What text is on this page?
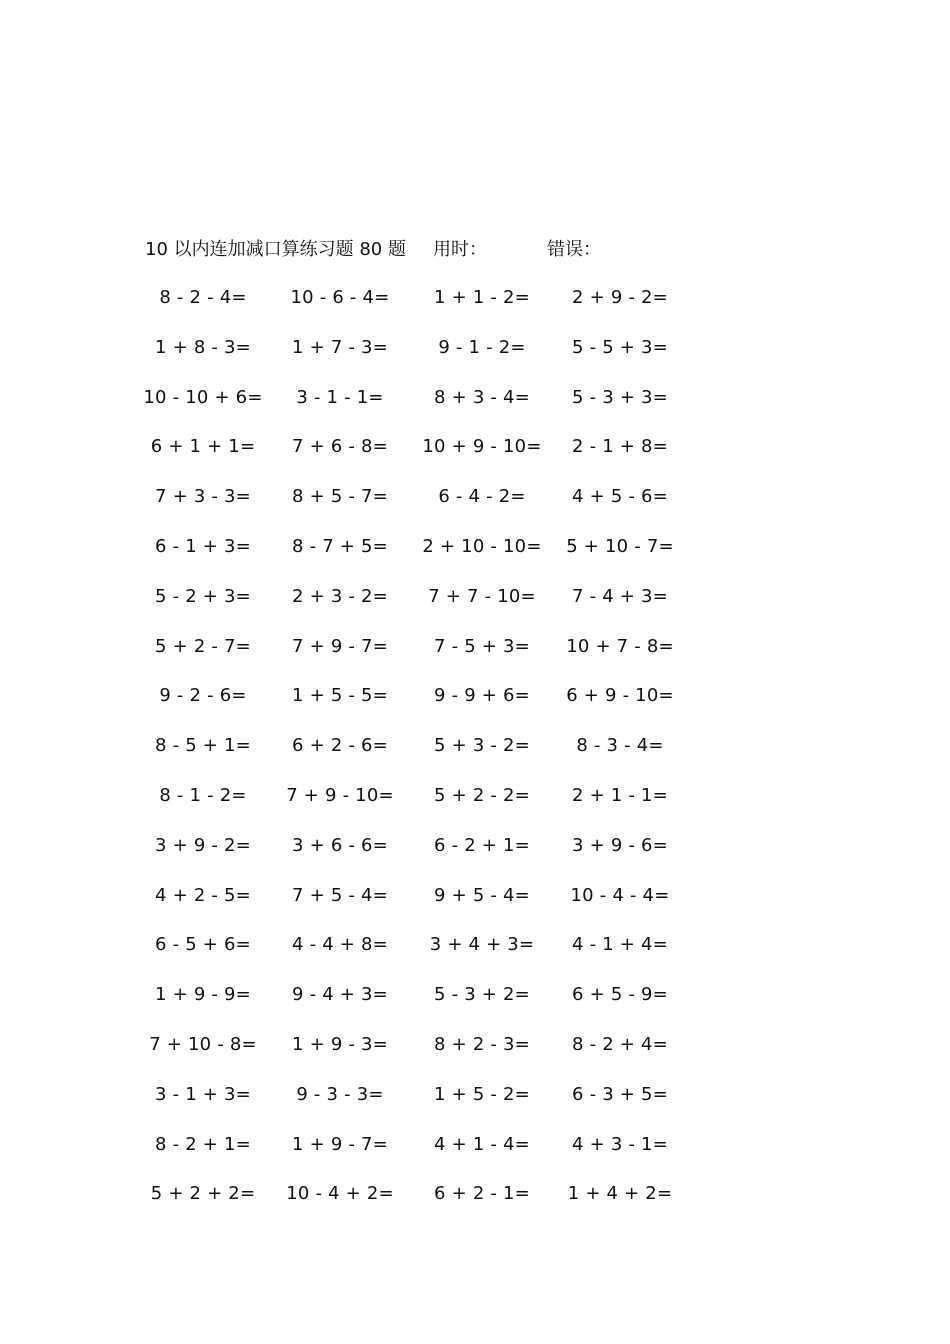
10 以内连加减口算练习题 80 题 用时：	错误：
8 - 2 - 4=	10 - 6 - 4=	1 + 1 - 2=	2 + 9 - 2=
1 + 8 - 3=	1 + 7 - 3=	9 - 1 - 2=	5 - 5 + 3=
10 - 10 + 6=	3 - 1 - 1=	8 + 3 - 4=	5 - 3 + 3=
6 + 1 + 1=	7 + 6 - 8=	10 + 9 - 10=	2 - 1 + 8=
7 + 3 - 3=	8 + 5 - 7=	6 - 4 - 2=	4 + 5 - 6=
6 - 1 + 3=	8 - 7 + 5=	2 + 10 - 10=	5 + 10 - 7=
5 - 2 + 3=	2 + 3 - 2=	7 + 7 - 10=	7 - 4 + 3=
5 + 2 - 7=	7 + 9 - 7=	7 - 5 + 3=	10 + 7 - 8=
9 - 2 - 6=	1 + 5 - 5=	9 - 9 + 6=	6 + 9 - 10=
8 - 5 + 1=	6 + 2 - 6=	5 + 3 - 2=	8 - 3 - 4=
8 - 1 - 2=	7 + 9 - 10=	5 + 2 - 2=	2 + 1 - 1=
3 + 9 - 2=	3 + 6 - 6=	6 - 2 + 1=	3 + 9 - 6=
4 + 2 - 5=	7 + 5 - 4=	9 + 5 - 4=	10 - 4 - 4=
6 - 5 + 6=	4 - 4 + 8=	3 + 4 + 3=	4 - 1 + 4=
1 + 9 - 9=	9 - 4 + 3=	5 - 3 + 2=	6 + 5 - 9=
7 + 10 - 8=	1 + 9 - 3=	8 + 2 - 3=	8 - 2 + 4=
3 - 1 + 3=	9 - 3 - 3=	1 + 5 - 2=	6 - 3 + 5=
8 - 2 + 1=	1 + 9 - 7=	4 + 1 - 4=	4 + 3 - 1=
5 + 2 + 2=	10 - 4 + 2=	6 + 2 - 1=	1 + 4 + 2=
